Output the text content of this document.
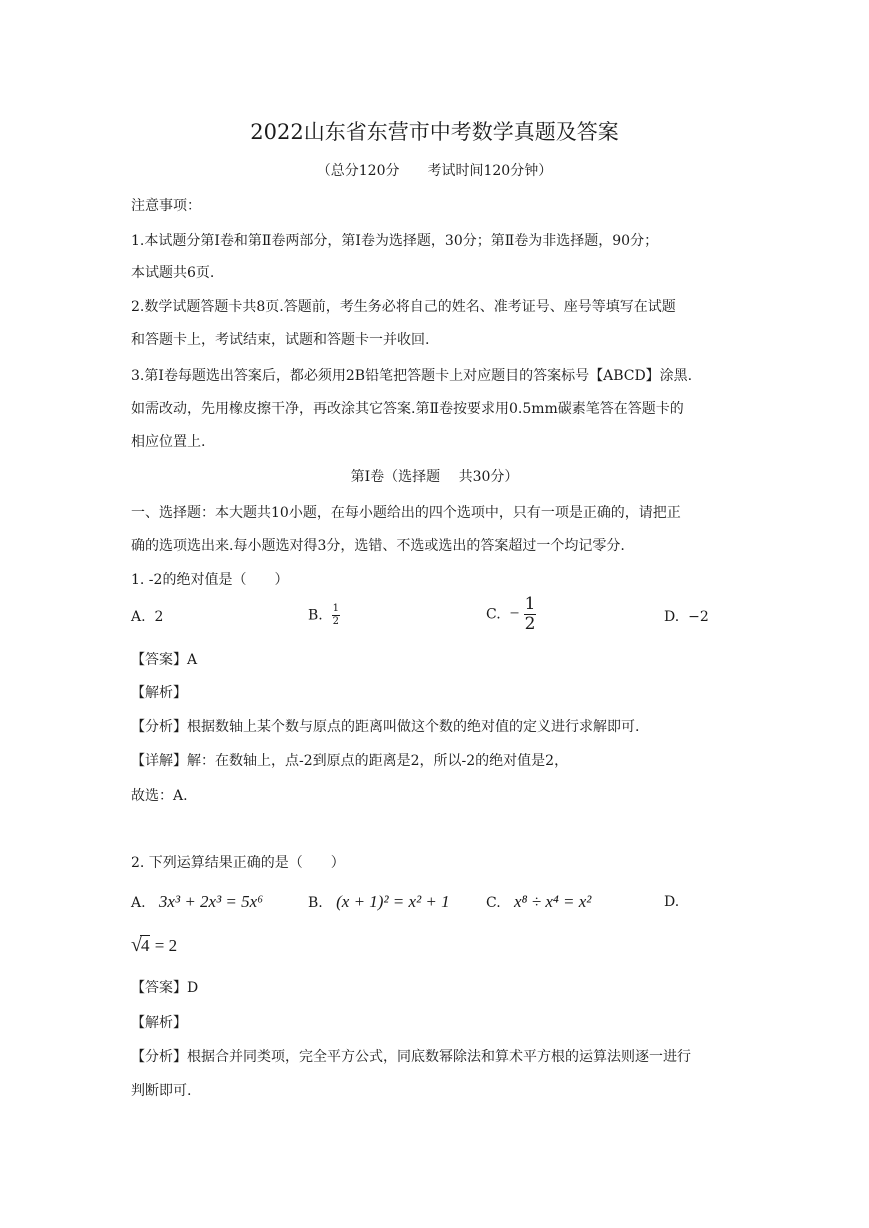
2022山东省东营市中考数学真题及答案
（总分120分　　考试时间120分钟）
注意事项：
1.本试题分第Ⅰ卷和第Ⅱ卷两部分，第Ⅰ卷为选择题，30分；第Ⅱ卷为非选择题，90分；
本试题共6页.
2.数学试题答题卡共8页.答题前，考生务必将自己的姓名、准考证号、座号等填写在试题
和答题卡上，考试结束，试题和答题卡一并收回.
3.第Ⅰ卷每题选出答案后，都必须用2B铅笔把答题卡上对应题目的答案标号【ABCD】涂黑.
如需改动，先用橡皮擦干净，再改涂其它答案.第Ⅱ卷按要求用0.5mm碳素笔答在答题卡的
相应位置上.
第Ⅰ卷（选择题　 共30分）
一、选择题：本大题共10小题，在每小题给出的四个选项中，只有一项是正确的，请把正
确的选项选出来.每小题选对得3分，选错、不选或选出的答案超过一个均记零分.
1. -2的绝对值是（　　）
A. 2	B. $\frac{1}{2}$	C. − $\frac{1}{2}$	D. −2
【答案】A
【解析】
【分析】根据数轴上某个数与原点的距离叫做这个数的绝对值的定义进行求解即可.
【详解】解：在数轴上，点-2到原点的距离是2，所以-2的绝对值是2，
故选：A.
2. 下列运算结果正确的是（　　）
A. 3x³ + 2x³ = 5x⁶	B. (x + 1)² = x² + 1	C. x⁸ ÷ x⁴ = x²	D.
√4 = 2
【答案】D
【解析】
【分析】根据合并同类项，完全平方公式，同底数幂除法和算术平方根的运算法则逐一进行
判断即可.
